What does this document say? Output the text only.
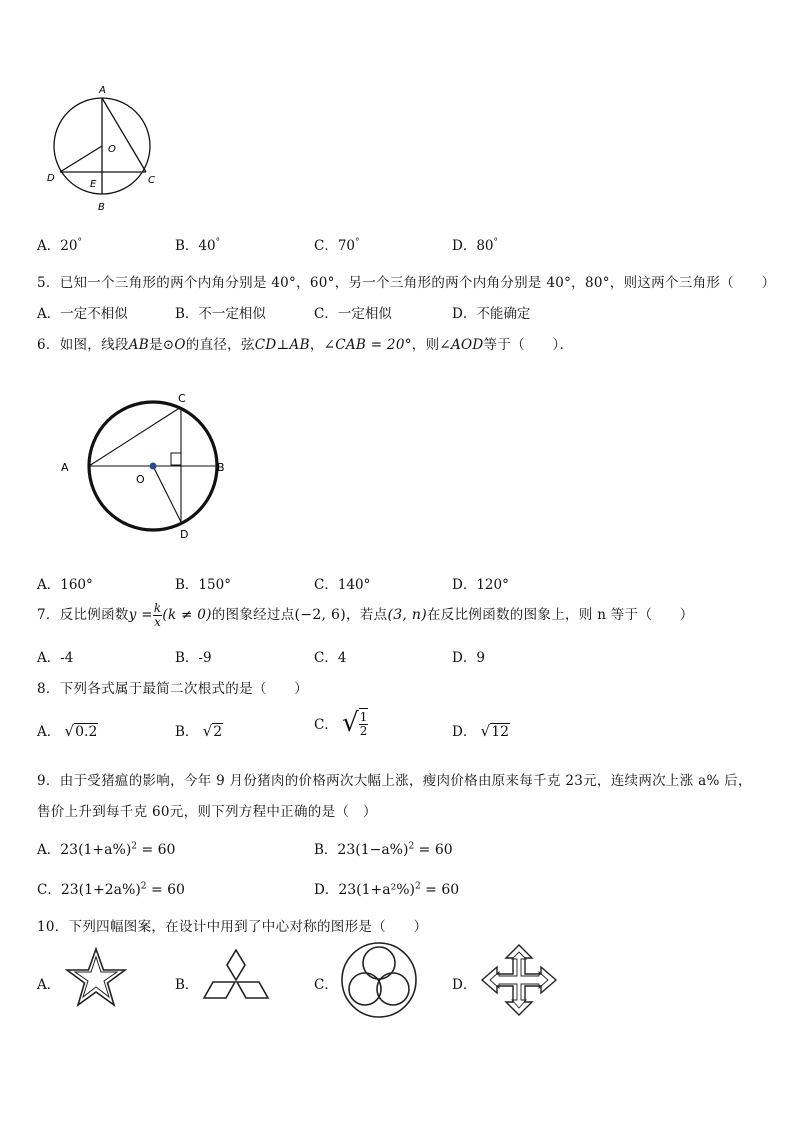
A
O
D
E	C
B
A．20°	B．40°	C．70°	D．80°
5．已知一个三角形的两个内角分别是 40°，60°，另一个三角形的两个内角分别是 40°，80°，则这两个三角形（　　）
A．一定不相似	B．不一定相似	C．一定相似	D．不能确定
6．如图，线段AB是⊙O的直径，弦CD⊥AB，∠CAB = 20°，则∠AOD等于（　　）．
A	B
C
D
O
A．160°	B．150°	C．140°	D．120°
7．反比例函数$y = \frac{k}{x} (k \ne 0)$的图象经过点(−2, 6)，若点(3, n)在反比例函数的图象上，则 n 等于（　　）
A．-4	B．-9	C．4	D．9
8．下列各式属于最简二次根式的是（　　）
A． √0.2	B． √2	C． √ $\frac{1}{2}$	D． √12
9．由于受猪瘟的影响，今年 9 月份猪肉的价格两次大幅上涨，瘦肉价格由原来每千克 23元，连续两次上涨 a% 后，
售价上升到每千克 60元，则下列方程中正确的是（　）
A．$23(1+a\%)^2 = 60$	B．$23(1-a\%)^2 = 60$
C．$23(1+2a\%)^2 = 60$	D．$23(1+a^2\%)^2 = 60$
10．下列四幅图案，在设计中用到了中心对称的图形是（　　）
A．	B．	C．	D．
